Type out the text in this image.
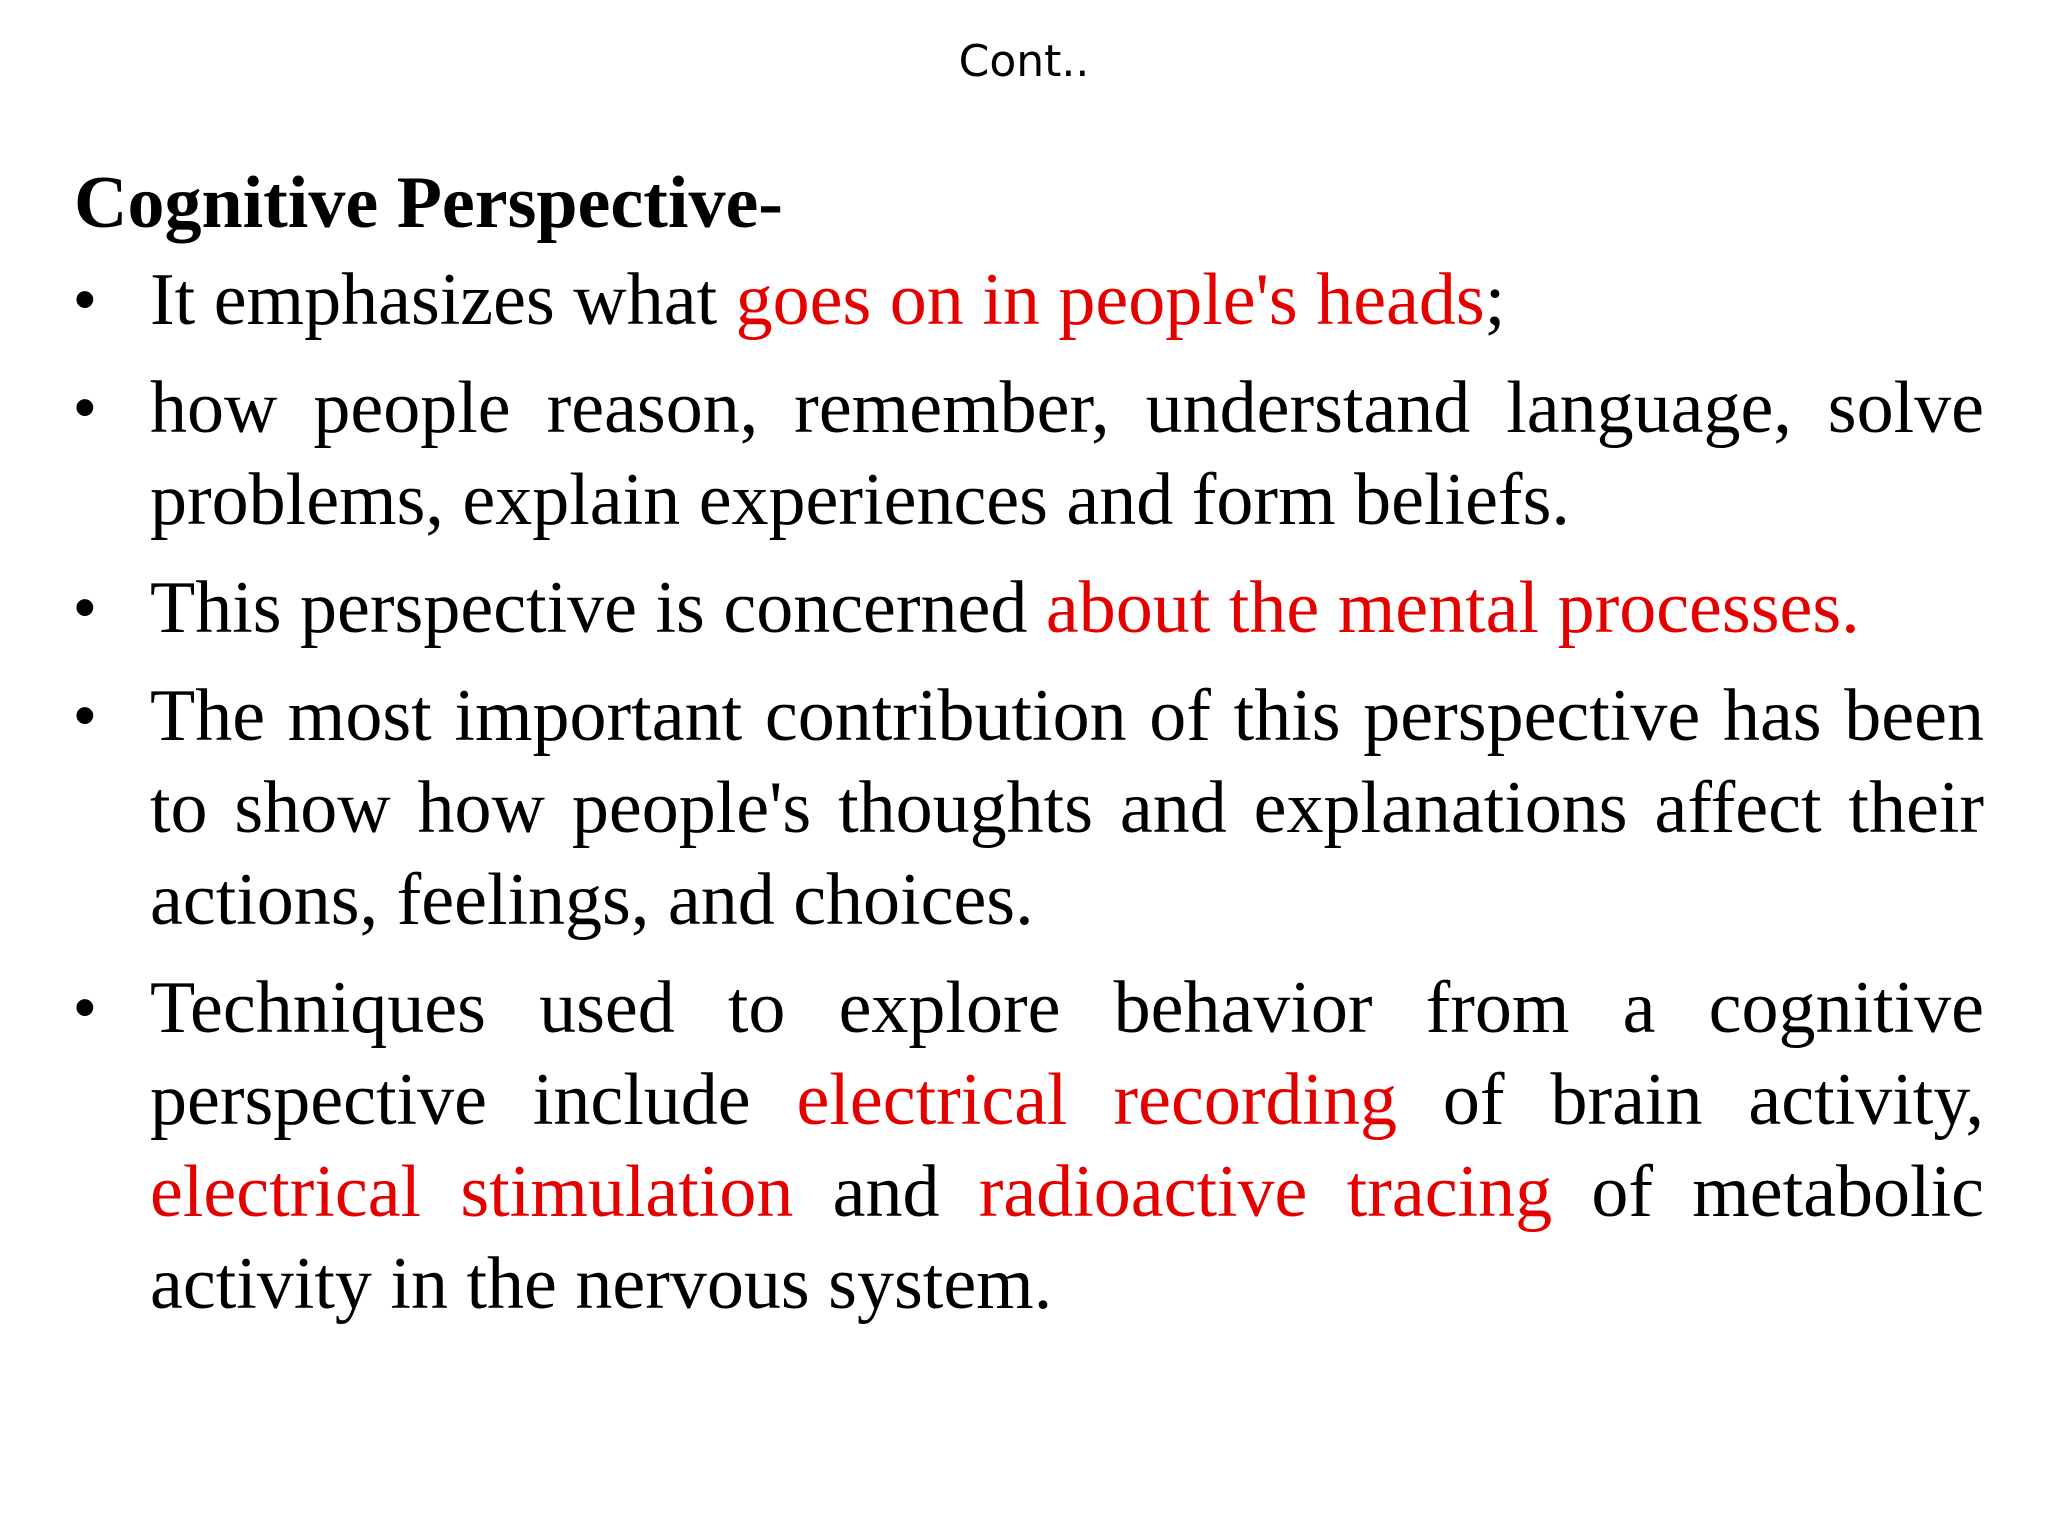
Cont..
Cognitive Perspective-
• It emphasizes what goes on in people's heads;
• how people reason, remember, understand language, solve problems, explain experiences and form beliefs.
• This perspective is concerned about the mental processes.
• The most important contribution of this perspective has been to show how people's thoughts and explanations affect their actions, feelings, and choices.
• Techniques used to explore behavior from a cognitive perspective include electrical recording of brain activity, electrical stimulation and radioactive tracing of metabolic activity in the nervous system.
